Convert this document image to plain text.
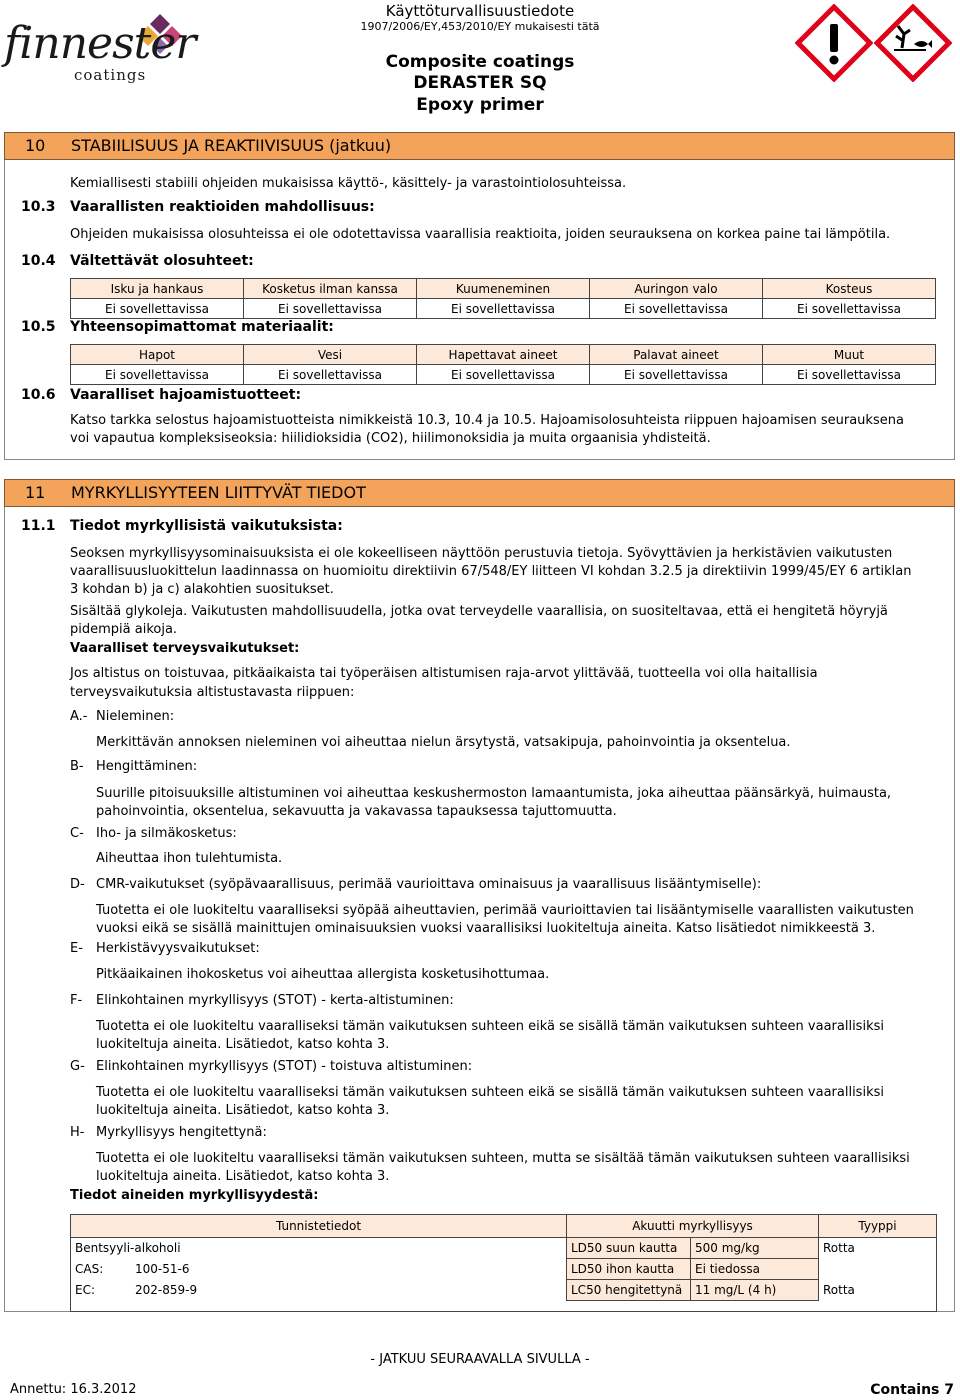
finnester
coatings
Käyttöturvallisuustiedote
1907/2006/EY,453/2010/EY mukaisesti tätä
Composite coatings
DERASTER SQ
Epoxy primer
10 STABIILISUUS JA REAKTIIVISUUS (jatkuu)
Kemiallisesti stabiili ohjeiden mukaisissa käyttö-, käsittely- ja varastointiolosuhteissa.
10.3 Vaarallisten reaktioiden mahdollisuus:
Ohjeiden mukaisissa olosuhteissa ei ole odotettavissa vaarallisia reaktioita, joiden seurauksena on korkea paine tai lämpötila.
10.4 Vältettävät olosuhteet:
Isku ja hankaus	Kosketus ilman kanssa	Kuumeneminen	Auringon valo	Kosteus
Ei sovellettavissa	Ei sovellettavissa	Ei sovellettavissa	Ei sovellettavissa	Ei sovellettavissa
10.5 Yhteensopimattomat materiaalit:
Hapot	Vesi	Hapettavat aineet	Palavat aineet	Muut
Ei sovellettavissa	Ei sovellettavissa	Ei sovellettavissa	Ei sovellettavissa	Ei sovellettavissa
10.6 Vaaralliset hajoamistuotteet:
Katso tarkka selostus hajoamistuotteista nimikkeistä 10.3, 10.4 ja 10.5. Hajoamisolosuhteista riippuen hajoamisen seurauksena
voi vapautua kompleksiseoksia: hiilidioksidia (CO2), hiilimonoksidia ja muita orgaanisia yhdisteitä.
11 MYRKYLLISYYTEEN LIITTYVÄT TIEDOT
11.1 Tiedot myrkyllisistä vaikutuksista:
Seoksen myrkyllisyysominaisuuksista ei ole kokeelliseen näyttöön perustuvia tietoja. Syövyttävien ja herkistävien vaikutusten
vaarallisuusluokittelun laadinnassa on huomioitu direktiivin 67/548/EY liitteen VI kohdan 3.2.5 ja direktiivin 1999/45/EY 6 artiklan
3 kohdan b) ja c) alakohtien suositukset.
Sisältää glykoleja. Vaikutusten mahdollisuudella, jotka ovat terveydelle vaarallisia, on suositeltavaa, että ei hengitetä höyryjä
pidempiä aikoja.
Vaaralliset terveysvaikutukset:
Jos altistus on toistuvaa, pitkäaikaista tai työperäisen altistumisen raja-arvot ylittävää, tuotteella voi olla haitallisia
terveysvaikutuksia altistustavasta riippuen:
A.- Nieleminen:
Merkittävän annoksen nieleminen voi aiheuttaa nielun ärsytystä, vatsakipuja, pahoinvointia ja oksentelua.
B- Hengittäminen:
Suurille pitoisuuksille altistuminen voi aiheuttaa keskushermoston lamaantumista, joka aiheuttaa päänsärkyä, huimausta,
pahoinvointia, oksentelua, sekavuutta ja vakavassa tapauksessa tajuttomuutta.
C- Iho- ja silmäkosketus:
Aiheuttaa ihon tulehtumista.
D- CMR-vaikutukset (syöpävaarallisuus, perimää vaurioittava ominaisuus ja vaarallisuus lisääntymiselle):
Tuotetta ei ole luokiteltu vaaralliseksi syöpää aiheuttavien, perimää vaurioittavien tai lisääntymiselle vaarallisten vaikutusten
vuoksi eikä se sisällä mainittujen ominaisuuksien vuoksi vaarallisiksi luokiteltuja aineita. Katso lisätiedot nimikkeestä 3.
E- Herkistävyysvaikutukset:
Pitkäaikainen ihokosketus voi aiheuttaa allergista kosketusihottumaa.
F- Elinkohtainen myrkyllisyys (STOT) - kerta-altistuminen:
Tuotetta ei ole luokiteltu vaaralliseksi tämän vaikutuksen suhteen eikä se sisällä tämän vaikutuksen suhteen vaarallisiksi
luokiteltuja aineita. Lisätiedot, katso kohta 3.
G- Elinkohtainen myrkyllisyys (STOT) - toistuva altistuminen:
Tuotetta ei ole luokiteltu vaaralliseksi tämän vaikutuksen suhteen eikä se sisällä tämän vaikutuksen suhteen vaarallisiksi
luokiteltuja aineita. Lisätiedot, katso kohta 3.
H- Myrkyllisyys hengitettynä:
Tuotetta ei ole luokiteltu vaaralliseksi tämän vaikutuksen suhteen, mutta se sisältää tämän vaikutuksen suhteen vaarallisiksi
luokiteltuja aineita. Lisätiedot, katso kohta 3.
Tiedot aineiden myrkyllisyydestä:
Tunnistetiedot	Akuutti myrkyllisyys		Tyyppi
Bentsyyli-alkoholi	LD50 suun kautta	500 mg/kg	Rotta
CAS: 100-51-6	LD50 ihon kautta	Ei tiedossa	
EC: 202-859-9	LC50 hengitettynä	11 mg/L (4 h)	Rotta

- JATKUU SEURAAVALLA SIVULLA -
Annettu: 16.3.2012	Contains 7
